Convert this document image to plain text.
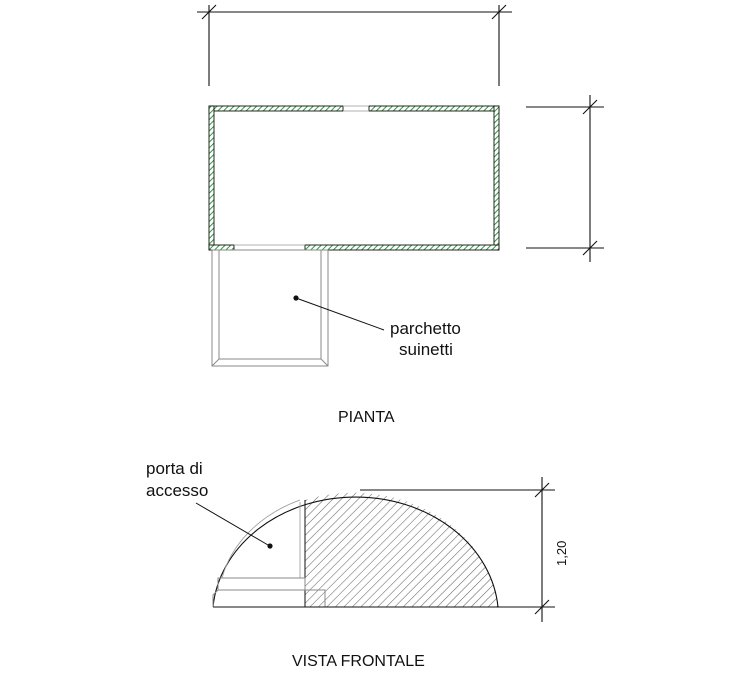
parchetto
suinetti
PIANTA
porta di
accesso
1,20
VISTA FRONTALE
